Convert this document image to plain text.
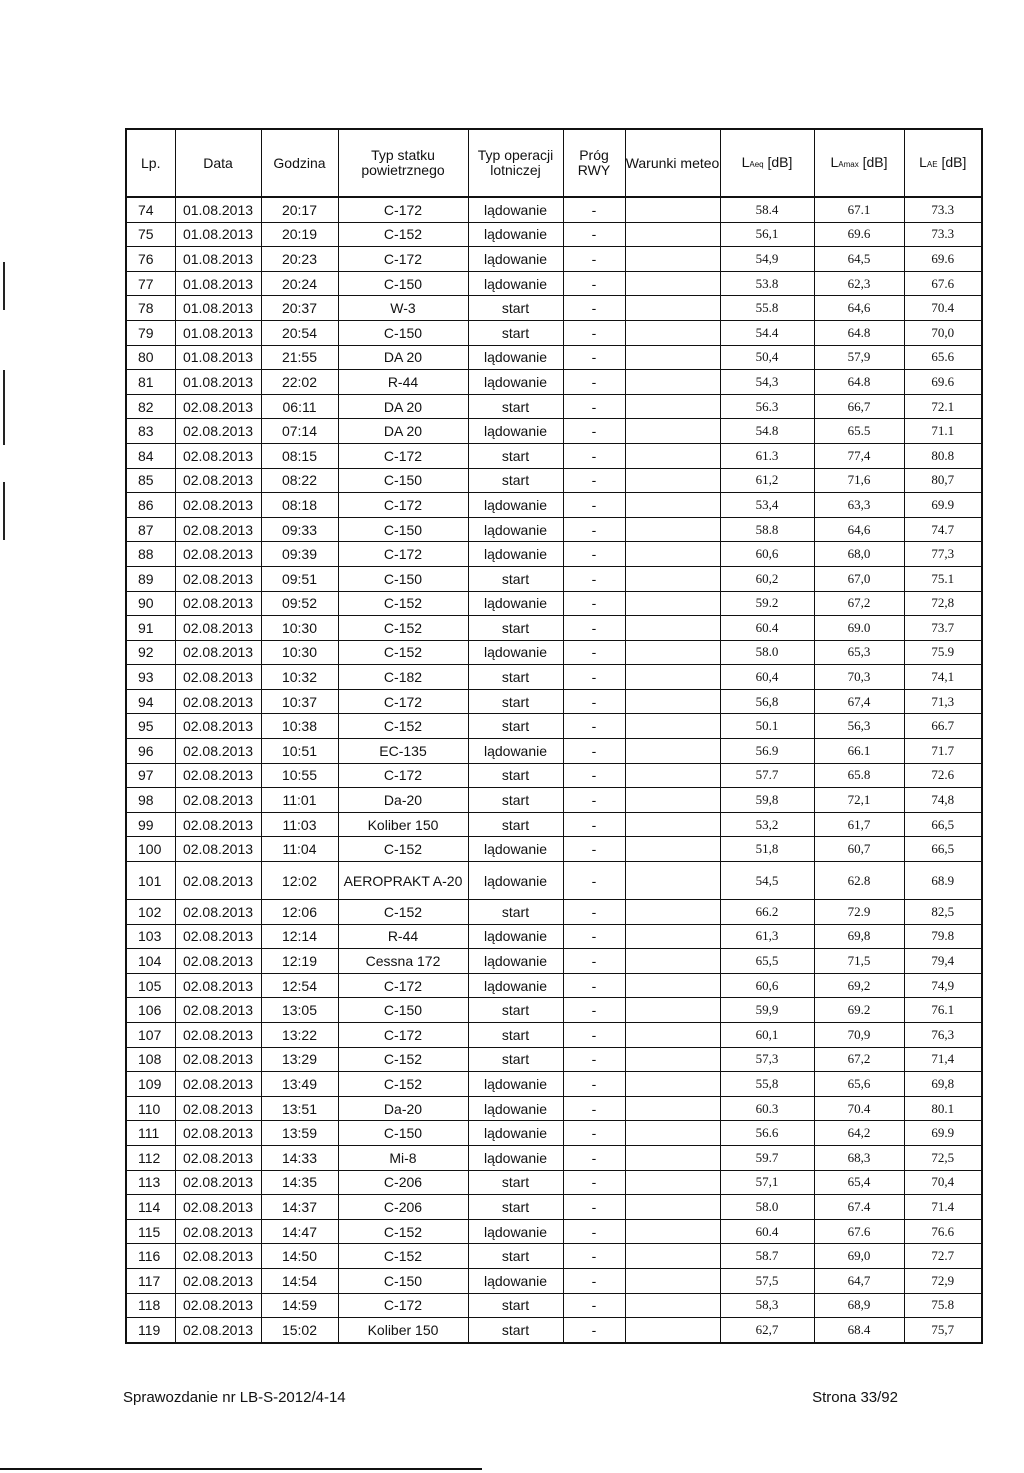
Lp.	Data	Godzina	Typ statku powietrznego	Typ operacji lotniczej	Próg RWY	Warunki meteo	LAeq [dB]	LAmax [dB]	LAE [dB]
74	01.08.2013	20:17	C-172	lądowanie	-		58.4	67.1	73.3
75	01.08.2013	20:19	C-152	lądowanie	-		56,1	69.6	73.3
76	01.08.2013	20:23	C-172	lądowanie	-		54,9	64,5	69.6
77	01.08.2013	20:24	C-150	lądowanie	-		53.8	62,3	67.6
78	01.08.2013	20:37	W-3	start	-		55.8	64,6	70.4
79	01.08.2013	20:54	C-150	start	-		54.4	64.8	70,0
80	01.08.2013	21:55	DA 20	lądowanie	-		50,4	57,9	65.6
81	01.08.2013	22:02	R-44	lądowanie	-		54,3	64.8	69.6
82	02.08.2013	06:11	DA 20	start	-		56.3	66,7	72.1
83	02.08.2013	07:14	DA 20	lądowanie	-		54.8	65.5	71.1
84	02.08.2013	08:15	C-172	start	-		61.3	77,4	80.8
85	02.08.2013	08:22	C-150	start	-		61,2	71,6	80,7
86	02.08.2013	08:18	C-172	lądowanie	-		53,4	63,3	69.9
87	02.08.2013	09:33	C-150	lądowanie	-		58.8	64,6	74.7
88	02.08.2013	09:39	C-172	lądowanie	-		60,6	68,0	77,3
89	02.08.2013	09:51	C-150	start	-		60,2	67,0	75.1
90	02.08.2013	09:52	C-152	lądowanie	-		59.2	67,2	72,8
91	02.08.2013	10:30	C-152	start	-		60.4	69.0	73.7
92	02.08.2013	10:30	C-152	lądowanie	-		58.0	65,3	75.9
93	02.08.2013	10:32	C-182	start	-		60,4	70,3	74,1
94	02.08.2013	10:37	C-172	start	-		56,8	67,4	71,3
95	02.08.2013	10:38	C-152	start	-		50.1	56,3	66.7
96	02.08.2013	10:51	EC-135	lądowanie	-		56.9	66.1	71.7
97	02.08.2013	10:55	C-172	start	-		57.7	65.8	72.6
98	02.08.2013	11:01	Da-20	start	-		59,8	72,1	74,8
99	02.08.2013	11:03	Koliber 150	start	-		53,2	61,7	66,5
100	02.08.2013	11:04	C-152	lądowanie	-		51,8	60,7	66,5
101	02.08.2013	12:02	AEROPRAKT A-20	lądowanie	-		54,5	62.8	68.9
102	02.08.2013	12:06	C-152	start	-		66.2	72.9	82,5
103	02.08.2013	12:14	R-44	lądowanie	-		61,3	69,8	79.8
104	02.08.2013	12:19	Cessna 172	lądowanie	-		65,5	71,5	79,4
105	02.08.2013	12:54	C-172	lądowanie	-		60,6	69,2	74,9
106	02.08.2013	13:05	C-150	start	-		59,9	69.2	76.1
107	02.08.2013	13:22	C-172	start	-		60,1	70,9	76,3
108	02.08.2013	13:29	C-152	start	-		57,3	67,2	71,4
109	02.08.2013	13:49	C-152	lądowanie	-		55,8	65,6	69,8
110	02.08.2013	13:51	Da-20	lądowanie	-		60.3	70.4	80.1
111	02.08.2013	13:59	C-150	lądowanie	-		56.6	64,2	69.9
112	02.08.2013	14:33	Mi-8	lądowanie	-		59.7	68,3	72,5
113	02.08.2013	14:35	C-206	start	-		57,1	65,4	70,4
114	02.08.2013	14:37	C-206	start	-		58.0	67.4	71.4
115	02.08.2013	14:47	C-152	lądowanie	-		60.4	67.6	76.6
116	02.08.2013	14:50	C-152	start	-		58.7	69,0	72.7
117	02.08.2013	14:54	C-150	lądowanie	-		57,5	64,7	72,9
118	02.08.2013	14:59	C-172	start	-		58,3	68,9	75.8
119	02.08.2013	15:02	Koliber 150	start	-		62,7	68.4	75,7
Sprawozdanie nr LB-S-2012/4-14	Strona 33/92
